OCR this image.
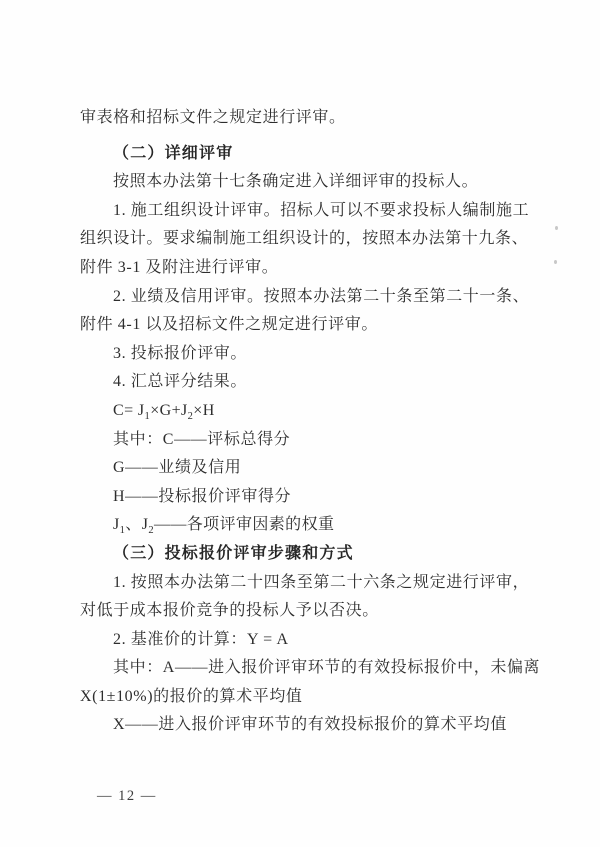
审表格和招标文件之规定进行评审。
（二）详细评审
按照本办法第十七条确定进入详细评审的投标人。
1. 施工组织设计评审。招标人可以不要求投标人编制施工
组织设计。要求编制施工组织设计的，按照本办法第十九条、
附件 3-1 及附注进行评审。
2. 业绩及信用评审。按照本办法第二十条至第二十一条、
附件 4-1 以及招标文件之规定进行评审。
3. 投标报价评审。
4. 汇总评分结果。
$C= J_1\times G+J_2\times H$
其中：C——评标总得分
G——业绩及信用
H——投标报价评审得分
$J_1$、$J_2——$各项评审因素的权重
（三）投标报价评审步骤和方式
1. 按照本办法第二十四条至第二十六条之规定进行评审，
对低于成本报价竞争的投标人予以否决。
2. 基准价的计算：Y = A
其中：A——进入报价评审环节的有效投标报价中，未偏离
X(1±10%)的报价的算术平均值
X——进入报价评审环节的有效投标报价的算术平均值
— 12 —
